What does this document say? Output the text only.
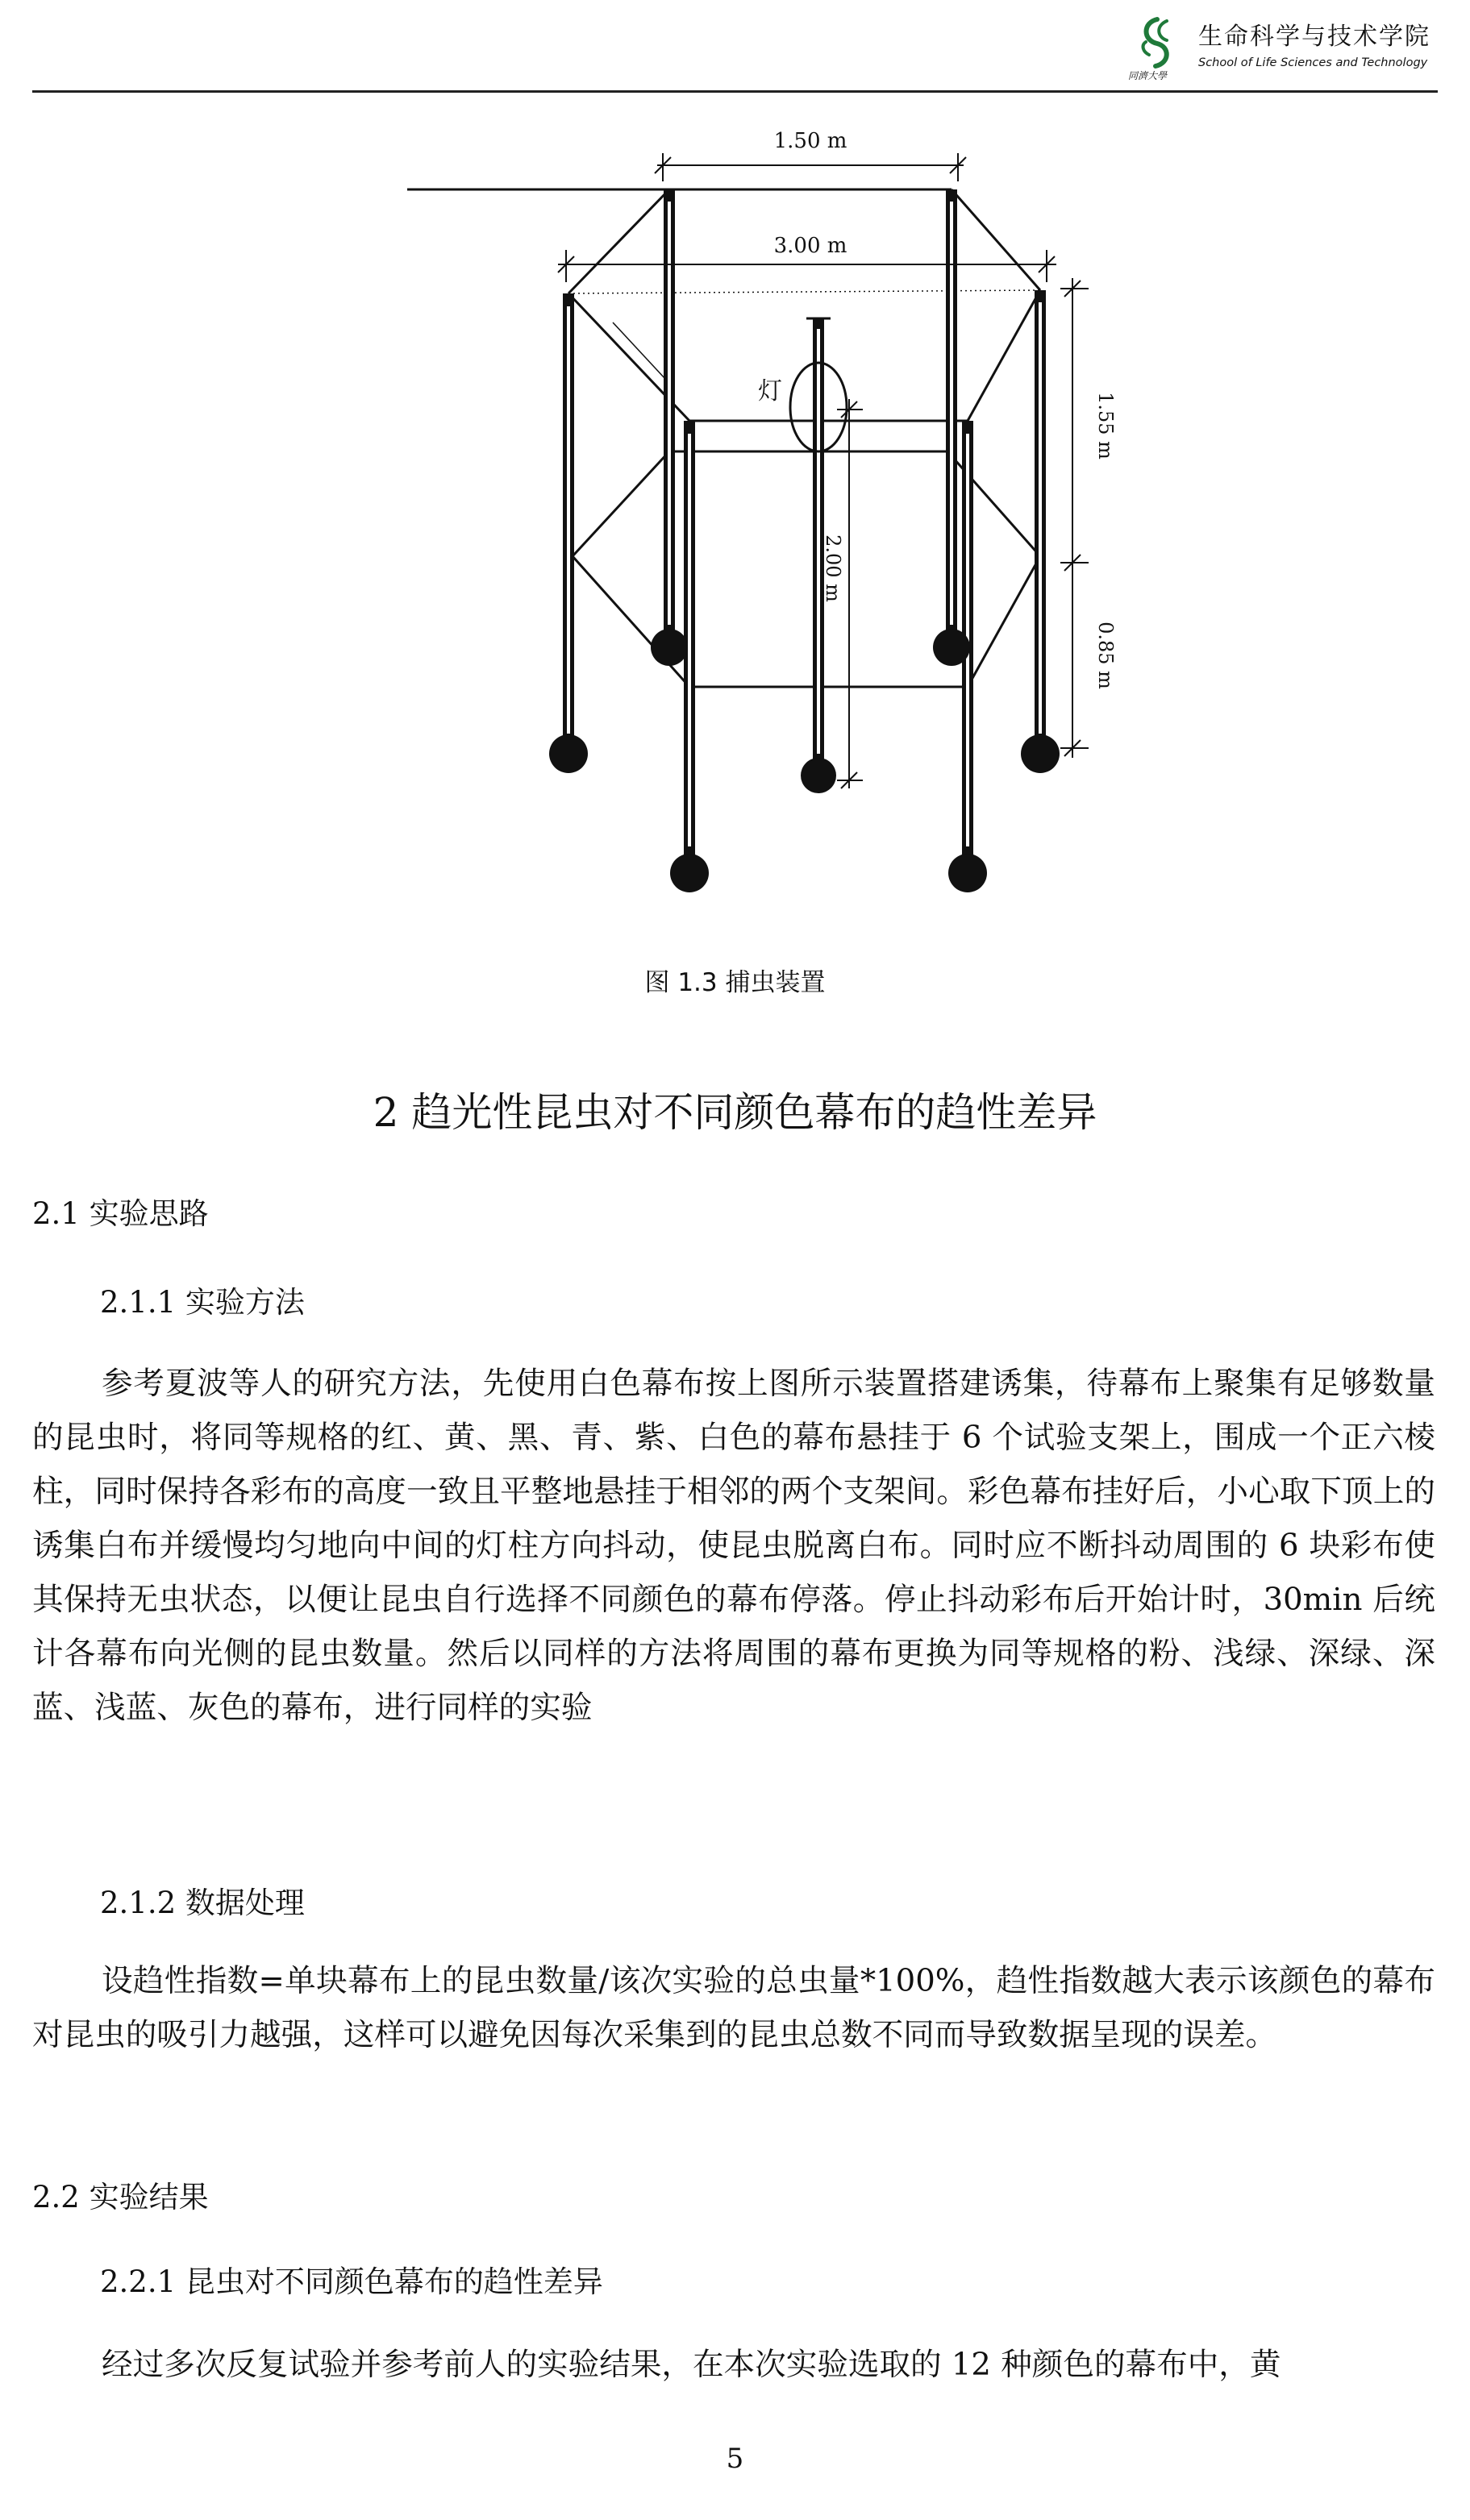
同濟大學
生命科学与技术学院
School of Life Sciences and Technology
灯
1.50 m
3.00 m
1.55 m
0.85 m
2.00 m
图 1.3 捕虫装置
2 趋光性昆虫对不同颜色幕布的趋性差异
2.1 实验思路
2.1.1 实验方法

参考夏波等人的研究方法，先使用白色幕布按上图所示装置搭建诱集，待幕布上聚集有足够数量的昆虫时，将同等规格的红、黄、黑、青、紫、白色的幕布悬挂于 6 个试验支架上，围成一个正六棱柱，同时保持各彩布的高度一致且平整地悬挂于相邻的两个支架间。彩色幕布挂好后，小心取下顶上的诱集白布并缓慢均匀地向中间的灯柱方向抖动，使昆虫脱离白布。同时应不断抖动周围的 6 块彩布使其保持无虫状态，以便让昆虫自行选择不同颜色的幕布停落。停止抖动彩布后开始计时，30min 后统计各幕布向光侧的昆虫数量。然后以同样的方法将周围的幕布更换为同等规格的粉、浅绿、深绿、深蓝、浅蓝、灰色的幕布，进行同样的实验

2.1.2 数据处理

设趋性指数=单块幕布上的昆虫数量/该次实验的总虫量*100%，趋性指数越大表示该颜色的幕布对昆虫的吸引力越强，这样可以避免因每次采集到的昆虫总数不同而导致数据呈现的误差。

2.2 实验结果
2.2.1 昆虫对不同颜色幕布的趋性差异

经过多次反复试验并参考前人的实验结果，在本次实验选取的 12 种颜色的幕布中，黄

5
